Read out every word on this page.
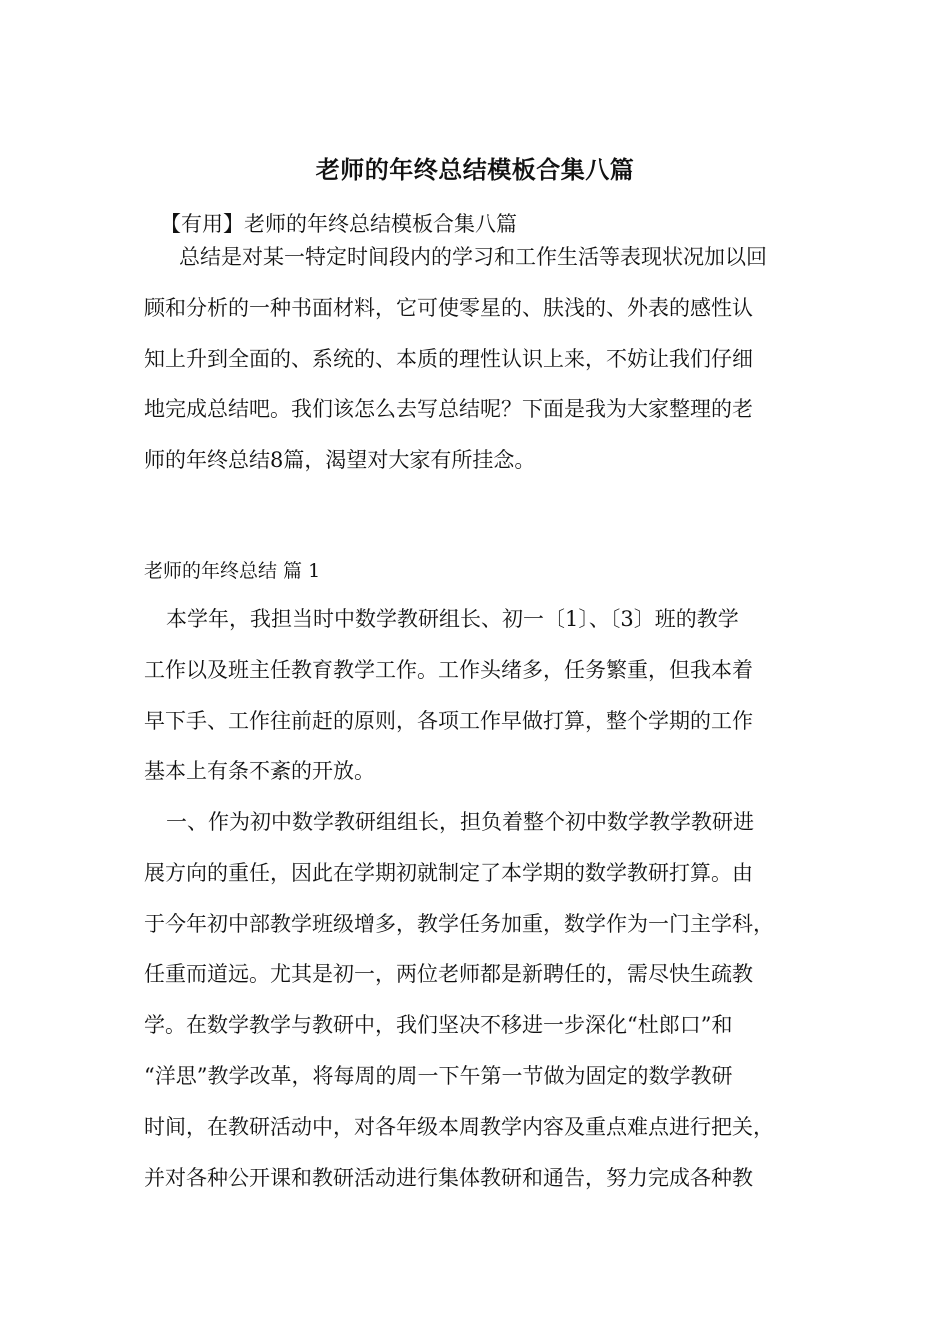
老师的年终总结模板合集八篇

【有用】老师的年终总结模板合集八篇

总结是对某一特定时间段内的学习和工作生活等表现状况加以回
顾和分析的一种书面材料，它可使零星的、肤浅的、外表的感性认
知上升到全面的、系统的、本质的理性认识上来，不妨让我们仔细
地完成总结吧。我们该怎么去写总结呢？下面是我为大家整理的老
师的年终总结8篇，渴望对大家有所挂念。

老师的年终总结 篇 1

本学年，我担当时中数学教研组长、初一〔1〕、〔3〕班的教学
工作以及班主任教育教学工作。工作头绪多，任务繁重，但我本着
早下手、工作往前赶的原则，各项工作早做打算，整个学期的工作
基本上有条不紊的开放。
一、作为初中数学教研组组长，担负着整个初中数学教学教研进
展方向的重任，因此在学期初就制定了本学期的数学教研打算。由
于今年初中部教学班级增多，教学任务加重，数学作为一门主学科，
任重而道远。尤其是初一，两位老师都是新聘任的，需尽快生疏教
学。在数学教学与教研中，我们坚决不移进一步深化“杜郎口”和
“洋思”教学改革，将每周的周一下午第一节做为固定的数学教研
时间，在教研活动中，对各年级本周教学内容及重点难点进行把关，
并对各种公开课和教研活动进行集体教研和通告，努力完成各种教
